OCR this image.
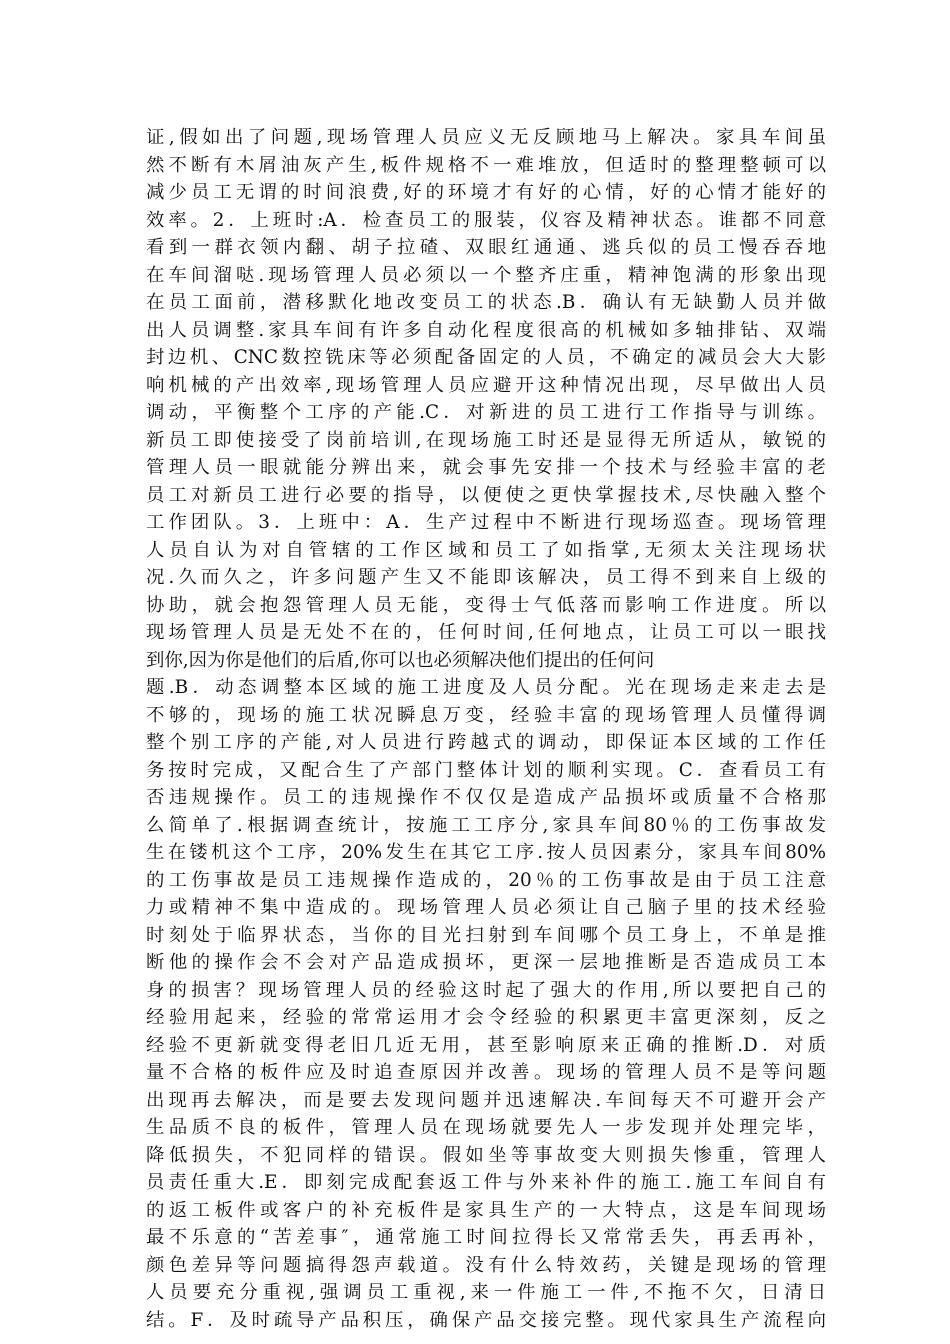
证,假如出了问题,现场管理人员应义无反顾地马上解决。家具车间虽
然不断有木屑油灰产生,板件规格不一难堆放，但适时的整理整顿可以
减少员工无谓的时间浪费,好的环境才有好的心情，好的心情才能好的
效率。2．上班时:A．检查员工的服装，仪容及精神状态。谁都不同意
看到一群衣领内翻、胡子拉碴、双眼红通通、逃兵似的员工慢吞吞地
在车间溜哒.现场管理人员必须以一个整齐庄重，精神饱满的形象出现
在员工面前，潜移默化地改变员工的状态.B．确认有无缺勤人员并做
出人员调整.家具车间有许多自动化程度很高的机械如多轴排钻、双端
封边机、CNC数控铣床等必须配备固定的人员，不确定的减员会大大影
响机械的产出效率,现场管理人员应避开这种情况出现，尽早做出人员
调动，平衡整个工序的产能.C．对新进的员工进行工作指导与训练。
新员工即使接受了岗前培训,在现场施工时还是显得无所适从，敏锐的
管理人员一眼就能分辨出来，就会事先安排一个技术与经验丰富的老
员工对新员工进行必要的指导，以便使之更快掌握技术,尽快融入整个
工作团队。3．上班中：A．生产过程中不断进行现场巡查。现场管理
人员自认为对自管辖的工作区域和员工了如指掌,无须太关注现场状
况.久而久之，许多问题产生又不能即该解决，员工得不到来自上级的
协助，就会抱怨管理人员无能，变得士气低落而影响工作进度。所以
现场管理人员是无处不在的，任何时间,任何地点，让员工可以一眼找
到你,因为你是他们的后盾,你可以也必须解决他们提出的任何问
题.B．动态调整本区域的施工进度及人员分配。光在现场走来走去是
不够的，现场的施工状况瞬息万变，经验丰富的现场管理人员懂得调
整个别工序的产能,对人员进行跨越式的调动，即保证本区域的工作任
务按时完成，又配合生了产部门整体计划的顺利实现。C．查看员工有
否违规操作。员工的违规操作不仅仅是造成产品损坏或质量不合格那
么简单了.根据调查统计，按施工工序分,家具车间80％的工伤事故发
生在镂机这个工序，20%发生在其它工序.按人员因素分，家具车间80%
的工伤事故是员工违规操作造成的，20％的工伤事故是由于员工注意
力或精神不集中造成的。现场管理人员必须让自己脑子里的技术经验
时刻处于临界状态，当你的目光扫射到车间哪个员工身上，不单是推
断他的操作会不会对产品造成损坏，更深一层地推断是否造成员工本
身的损害？现场管理人员的经验这时起了强大的作用,所以要把自己的
经验用起来，经验的常常运用才会令经验的积累更丰富更深刻，反之
经验不更新就变得老旧几近无用，甚至影响原来正确的推断.D．对质
量不合格的板件应及时追查原因并改善。现场的管理人员不是等问题
出现再去解决，而是要去发现问题并迅速解决.车间每天不可避开会产
生品质不良的板件，管理人员在现场就要先人一步发现并处理完毕，
降低损失，不犯同样的错误。假如坐等事故变大则损失惨重，管理人
员责任重大.E．即刻完成配套返工件与外来补件的施工.施工车间自有
的返工板件或客户的补充板件是家具生产的一大特点，这是车间现场
最不乐意的“苦差事″，通常施工时间拉得长又常常丢失，再丢再补，
颜色差异等问题搞得怨声载道。没有什么特效药，关键是现场的管理
人员要充分重视,强调员工重视,来一件施工一件,不拖不欠，日清日
结。F．及时疏导产品积压，确保产品交接完整。现代家具生产流程向
